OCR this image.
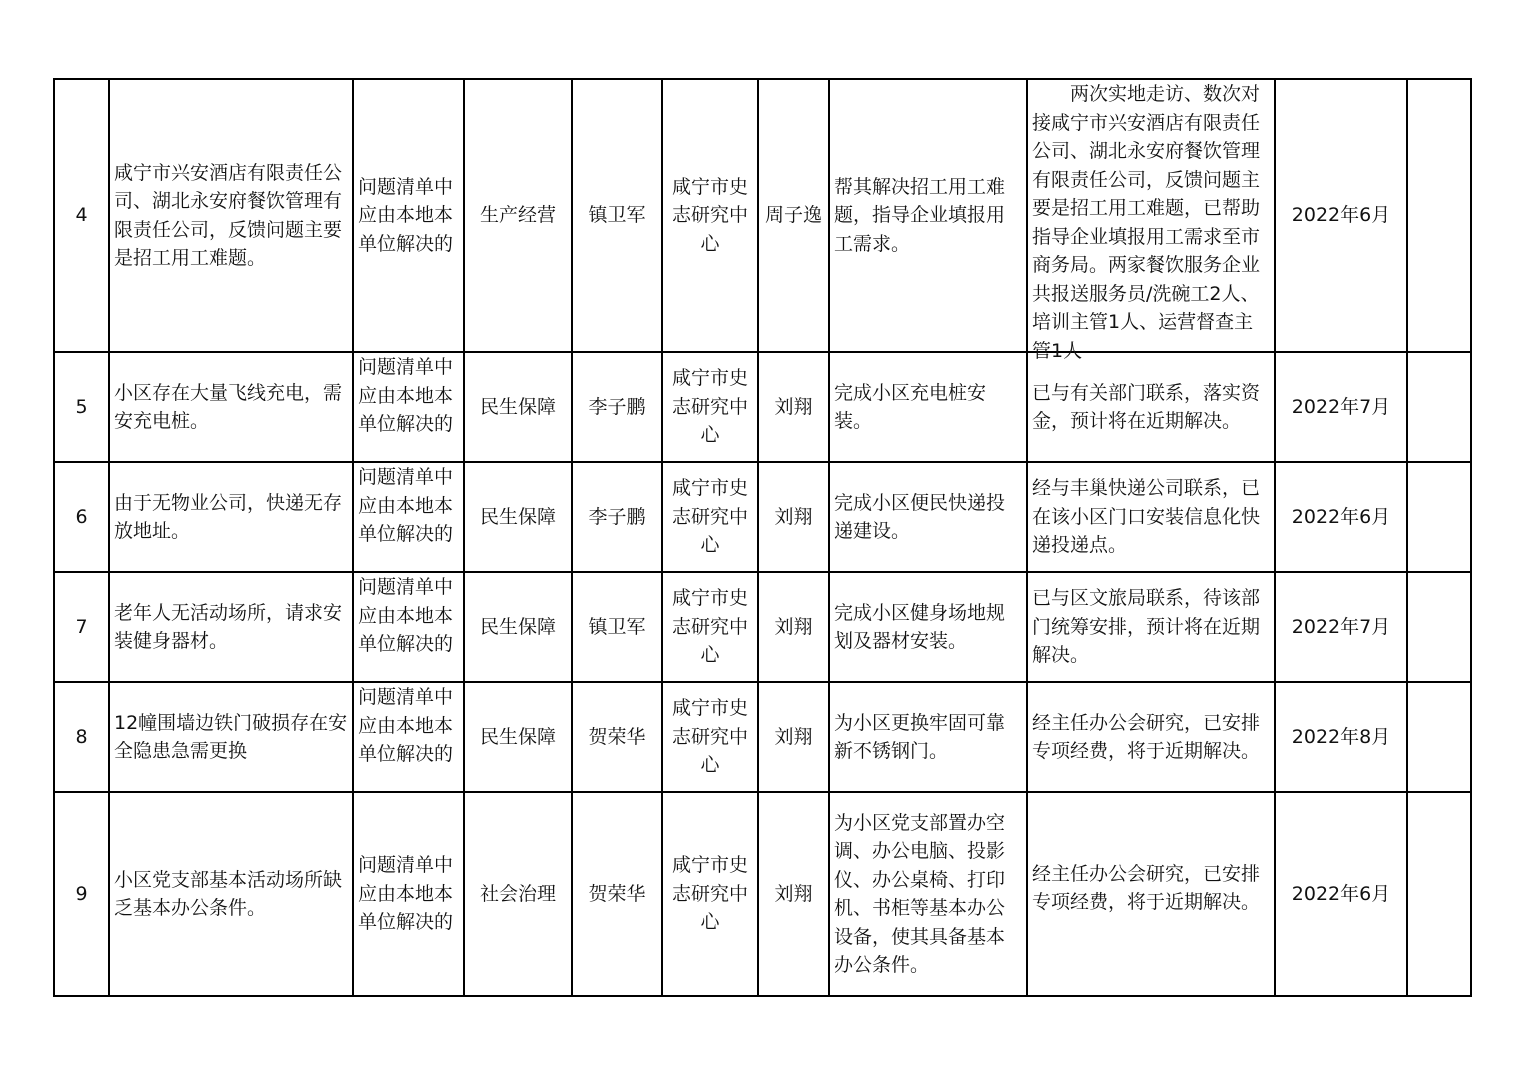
4	咸宁市兴安酒店有限责任公司、湖北永安府餐饮管理有限责任公司，反馈问题主要是招工用工难题。	问题清单中应由本地本单位解决的	生产经营	镇卫军	咸宁市史志研究中心	周子逸	帮其解决招工用工难题，指导企业填报用工需求。	两次实地走访、数次对接咸宁市兴安酒店有限责任公司、湖北永安府餐饮管理有限责任公司，反馈问题主要是招工用工难题，已帮助指导企业填报用工需求至市商务局。两家餐饮服务企业共报送服务员/洗碗工2人、培训主管1人、运营督查主管1人	2022年6月	
5	小区存在大量飞线充电，需安充电桩。	问题清单中应由本地本单位解决的	民生保障	李子鹏	咸宁市史志研究中心	刘翔	完成小区充电桩安装。	已与有关部门联系，落实资金，预计将在近期解决。	2022年7月	
6	由于无物业公司，快递无存放地址。	问题清单中应由本地本单位解决的	民生保障	李子鹏	咸宁市史志研究中心	刘翔	完成小区便民快递投递建设。	经与丰巢快递公司联系，已在该小区门口安装信息化快递投递点。	2022年6月	
7	老年人无活动场所，请求安装健身器材。	问题清单中应由本地本单位解决的	民生保障	镇卫军	咸宁市史志研究中心	刘翔	完成小区健身场地规划及器材安装。	已与区文旅局联系，待该部门统筹安排，预计将在近期解决。	2022年7月	
8	12幢围墙边铁门破损存在安全隐患急需更换	问题清单中应由本地本单位解决的	民生保障	贺荣华	咸宁市史志研究中心	刘翔	为小区更换牢固可靠新不锈钢门。	经主任办公会研究，已安排专项经费，将于近期解决。	2022年8月	
9	小区党支部基本活动场所缺乏基本办公条件。	问题清单中应由本地本单位解决的	社会治理	贺荣华	咸宁市史志研究中心	刘翔	为小区党支部置办空调、办公电脑、投影仪、办公桌椅、打印机、书柜等基本办公设备，使其具备基本办公条件。	经主任办公会研究，已安排专项经费，将于近期解决。	2022年6月	
